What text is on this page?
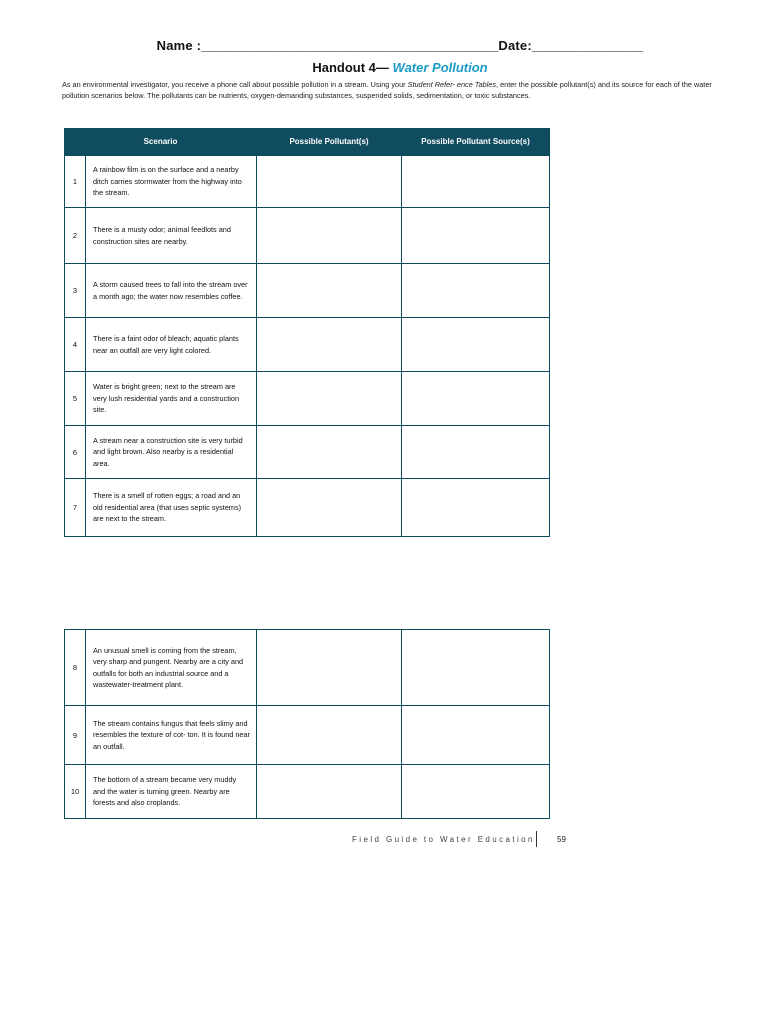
Name :________________________________________Date:_______________
Handout 4— Water Pollution
As an environmental investigator, you receive a phone call about possible pollution in a stream. Using your Student Refer- ence Tables, enter the possible pollutant(s) and its source for each of the water pollution scenarios below. The pollutants can be nutrients, oxygen-demanding substances, suspended solids, sedimentation, or toxic substances.
Scenario		Possible Pollutant(s)	Possible Pollutant Source(s)
1	A rainbow film is on the surface and a nearby ditch carries stormwater from the highway into the stream.		
2	There is a musty odor; animal feedlots and construction sites are nearby.		
3	A storm caused trees to fall into the stream over a month ago; the water now resembles coffee.		
4	There is a faint odor of bleach; aquatic plants near an outfall are very light colored.		
5	Water is bright green; next to the stream are very lush residential yards and a construction site.		
6	A stream near a construction site is very turbid and light brown. Also nearby is a residential area.		
7	There is a smell of rotten eggs; a road and an old residential area (that uses septic systems) are next to the stream.		
8	An unusual smell is coming from the stream, very sharp and pungent. Nearby are a city and outfalls for both an industrial source and a wastewater-treatment plant.		
9	The stream contains fungus that feels slimy and resembles the texture of cot- ton. It is found near an outfall.		
10	The bottom of a stream became very muddy and the water is turning green. Nearby are forests and also croplands.		
Field Guide to Water Education	59
